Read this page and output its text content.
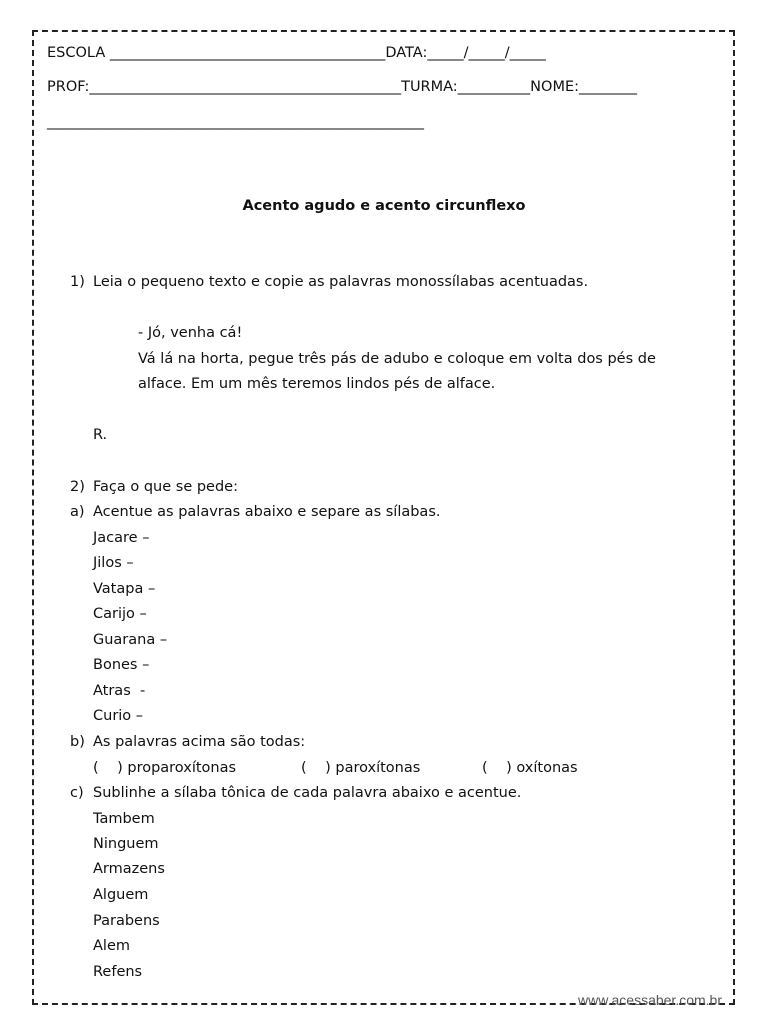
ESCOLA ______________________________________DATA:_____/_____/_____
PROF:___________________________________________TURMA:__________NOME:________
____________________________________________________
Acento agudo e acento circunflexo
1) Leia o pequeno texto e copie as palavras monossílabas acentuadas.
- Jó, venha cá!
Vá lá na horta, pegue três pás de adubo e coloque em volta dos pés de
alface. Em um mês teremos lindos pés de alface.
R.
2) Faça o que se pede:
a) Acentue as palavras abaixo e separe as sílabas.
Jacare –
Jilos –
Vatapa –
Carijo –
Guarana –
Bones –
Atras  -
Curio –
b) As palavras acima são todas:
(    ) proparoxítonas	(    ) paroxítonas	(    ) oxítonas
c) Sublinhe a sílaba tônica de cada palavra abaixo e acentue.
Tambem
Ninguem
Armazens
Alguem
Parabens
Alem
Refens
www.acessaber.com.br
